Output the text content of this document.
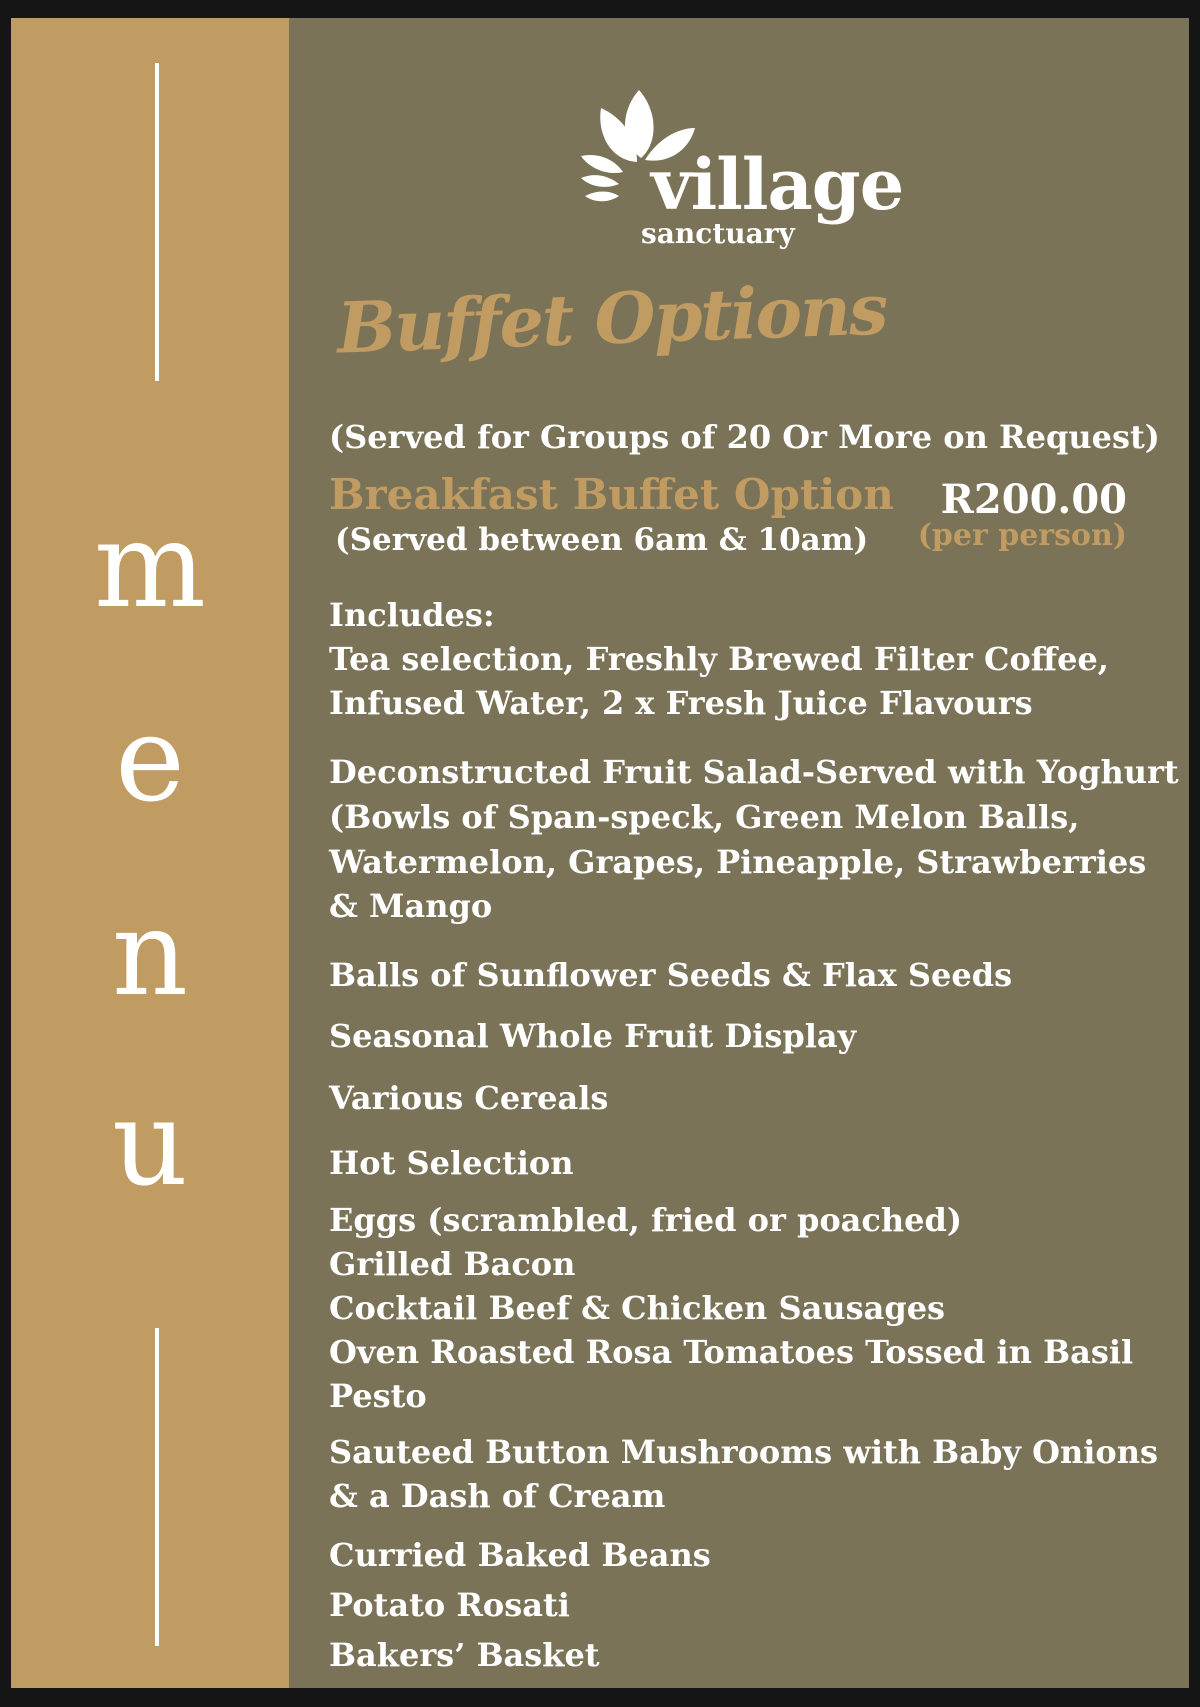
m
e
n
u
village
sanctuary
Buffet Options
(Served for Groups of 20 Or More on Request)
Breakfast Buffet Option
(Served between 6am & 10am)
R200.00
(per person)
Includes:
Tea selection, Freshly Brewed Filter Coffee,
Infused Water, 2 x Fresh Juice Flavours
Deconstructed Fruit Salad-Served with Yoghurt
(Bowls of Span-speck, Green Melon Balls,
Watermelon, Grapes, Pineapple, Strawberries
& Mango
Balls of Sunflower Seeds & Flax Seeds
Seasonal Whole Fruit Display
Various Cereals
Hot Selection
Eggs (scrambled, fried or poached)
Grilled Bacon
Cocktail Beef & Chicken Sausages
Oven Roasted Rosa Tomatoes Tossed in Basil
Pesto
Sauteed Button Mushrooms with Baby Onions
& a Dash of Cream
Curried Baked Beans
Potato Rosati
Bakers’ Basket
